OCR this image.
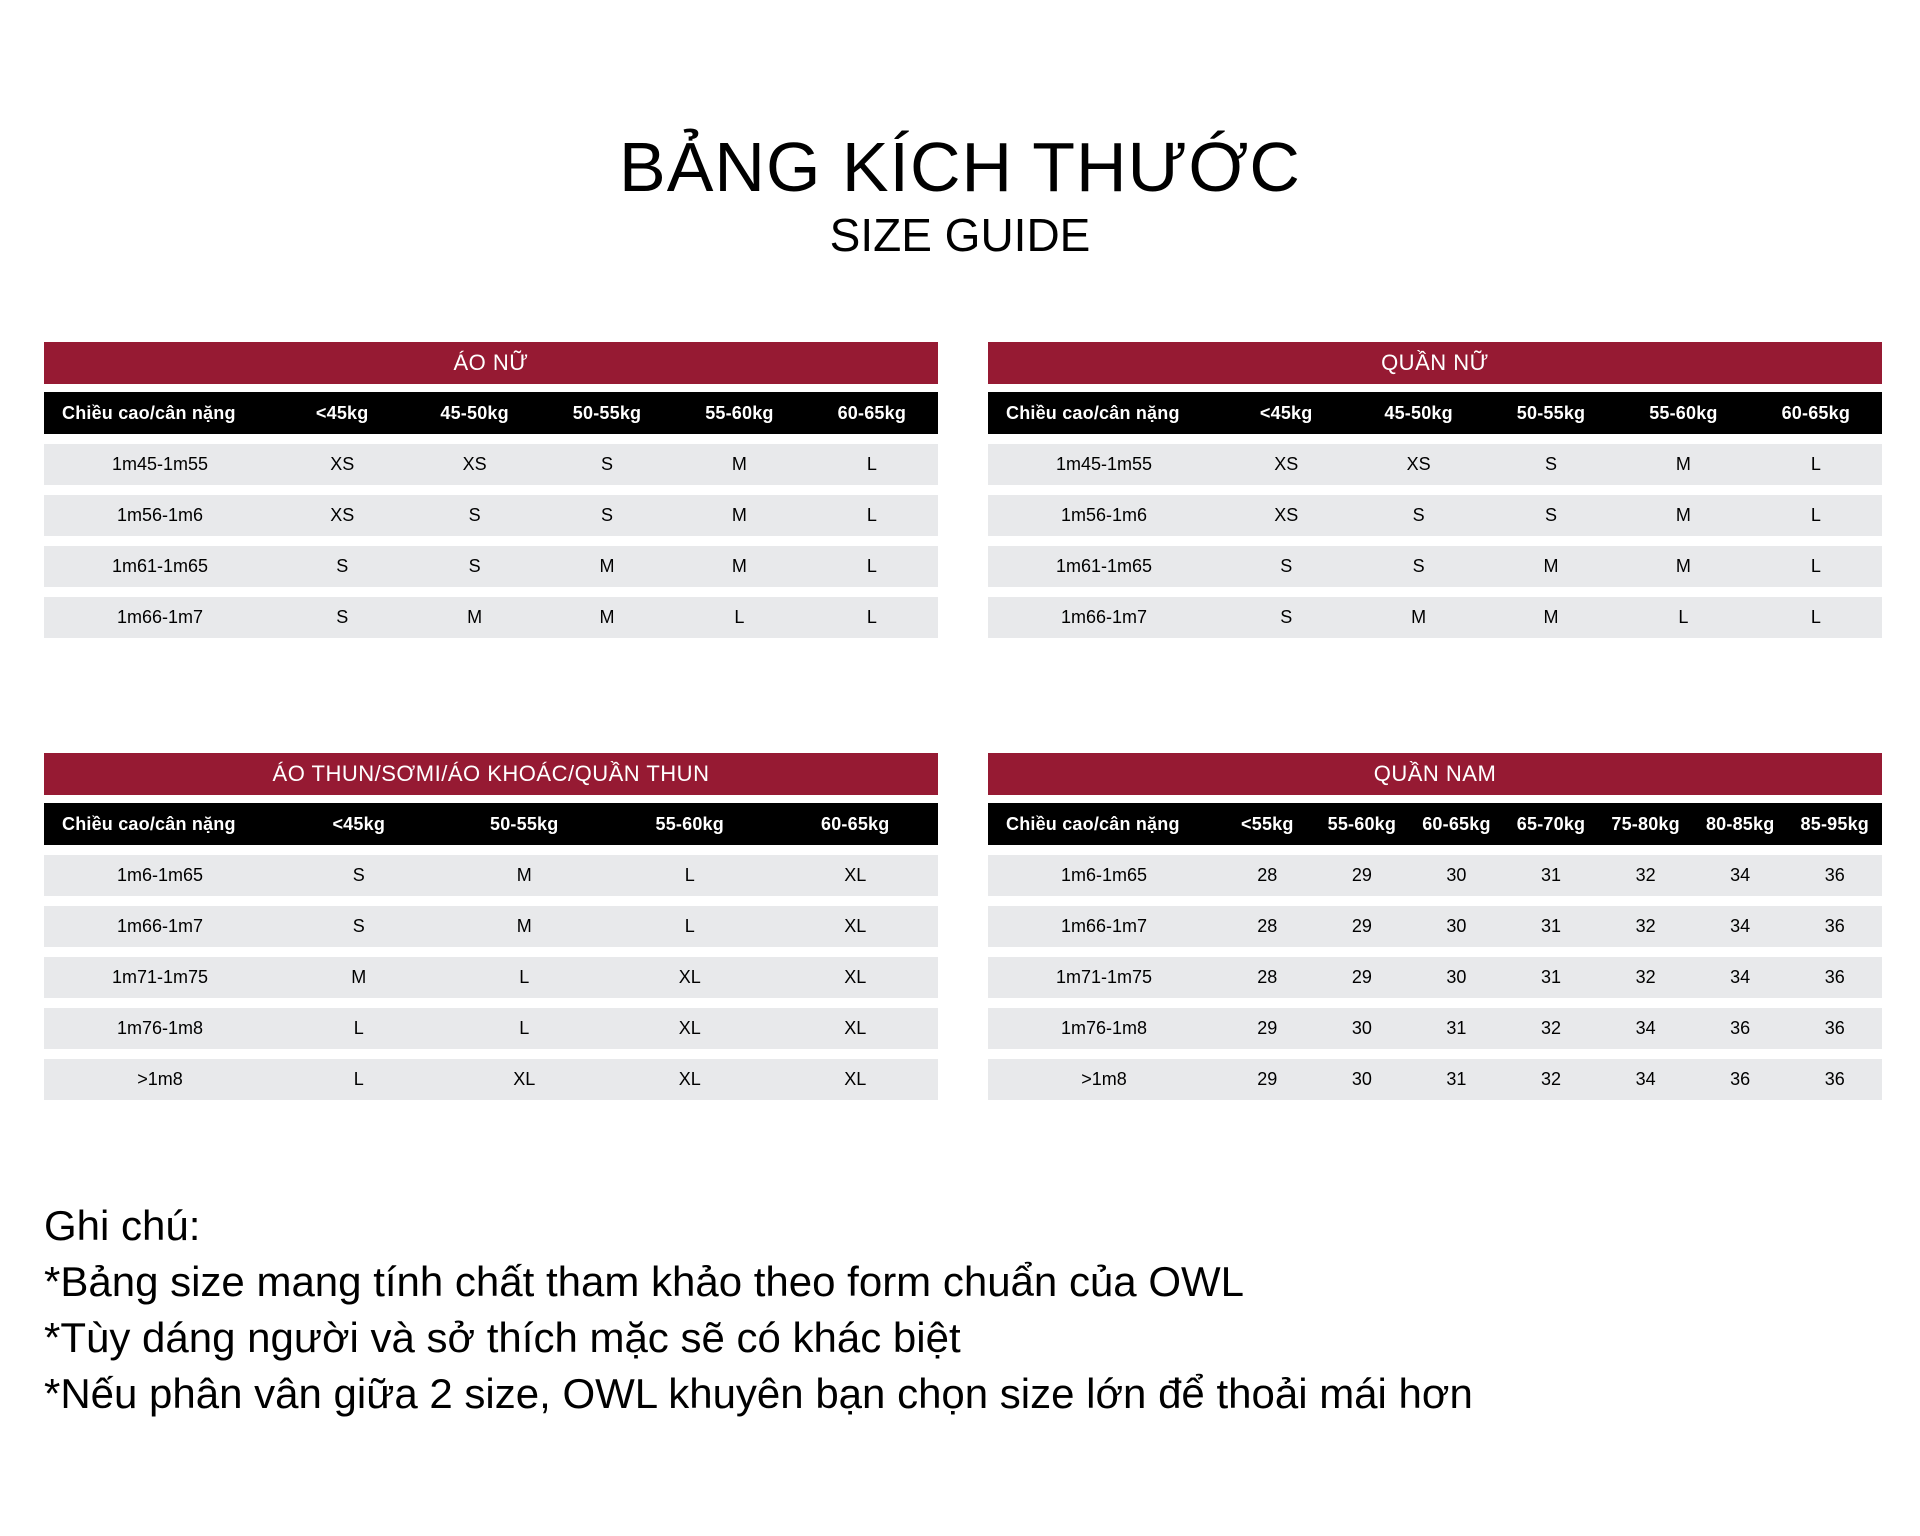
BẢNG KÍCH THƯỚC
SIZE GUIDE
ÁO NỮ
Chiều cao/cân nặng	<45kg	45-50kg	50-55kg	55-60kg	60-65kg
1m45-1m55	XS	XS	S	M	L
1m56-1m6	XS	S	S	M	L
1m61-1m65	S	S	M	M	L
1m66-1m7	S	M	M	L	L
QUẦN NỮ
Chiều cao/cân nặng	<45kg	45-50kg	50-55kg	55-60kg	60-65kg
1m45-1m55	XS	XS	S	M	L
1m56-1m6	XS	S	S	M	L
1m61-1m65	S	S	M	M	L
1m66-1m7	S	M	M	L	L
ÁO THUN/SƠMI/ÁO KHOÁC/QUẦN THUN
Chiều cao/cân nặng	<45kg	50-55kg	55-60kg	60-65kg
1m6-1m65	S	M	L	XL
1m66-1m7	S	M	L	XL
1m71-1m75	M	L	XL	XL
1m76-1m8	L	L	XL	XL
>1m8	L	XL	XL	XL
QUẦN NAM
Chiều cao/cân nặng	<55kg	55-60kg	60-65kg	65-70kg	75-80kg	80-85kg	85-95kg
1m6-1m65	28	29	30	31	32	34	36
1m66-1m7	28	29	30	31	32	34	36
1m71-1m75	28	29	30	31	32	34	36
1m76-1m8	29	30	31	32	34	36	36
>1m8	29	30	31	32	34	36	36
Ghi chú:
*Bảng size mang tính chất tham khảo theo form chuẩn của OWL
*Tùy dáng người và sở thích mặc sẽ có khác biệt
*Nếu phân vân giữa 2 size, OWL khuyên bạn chọn size lớn để thoải mái hơn
